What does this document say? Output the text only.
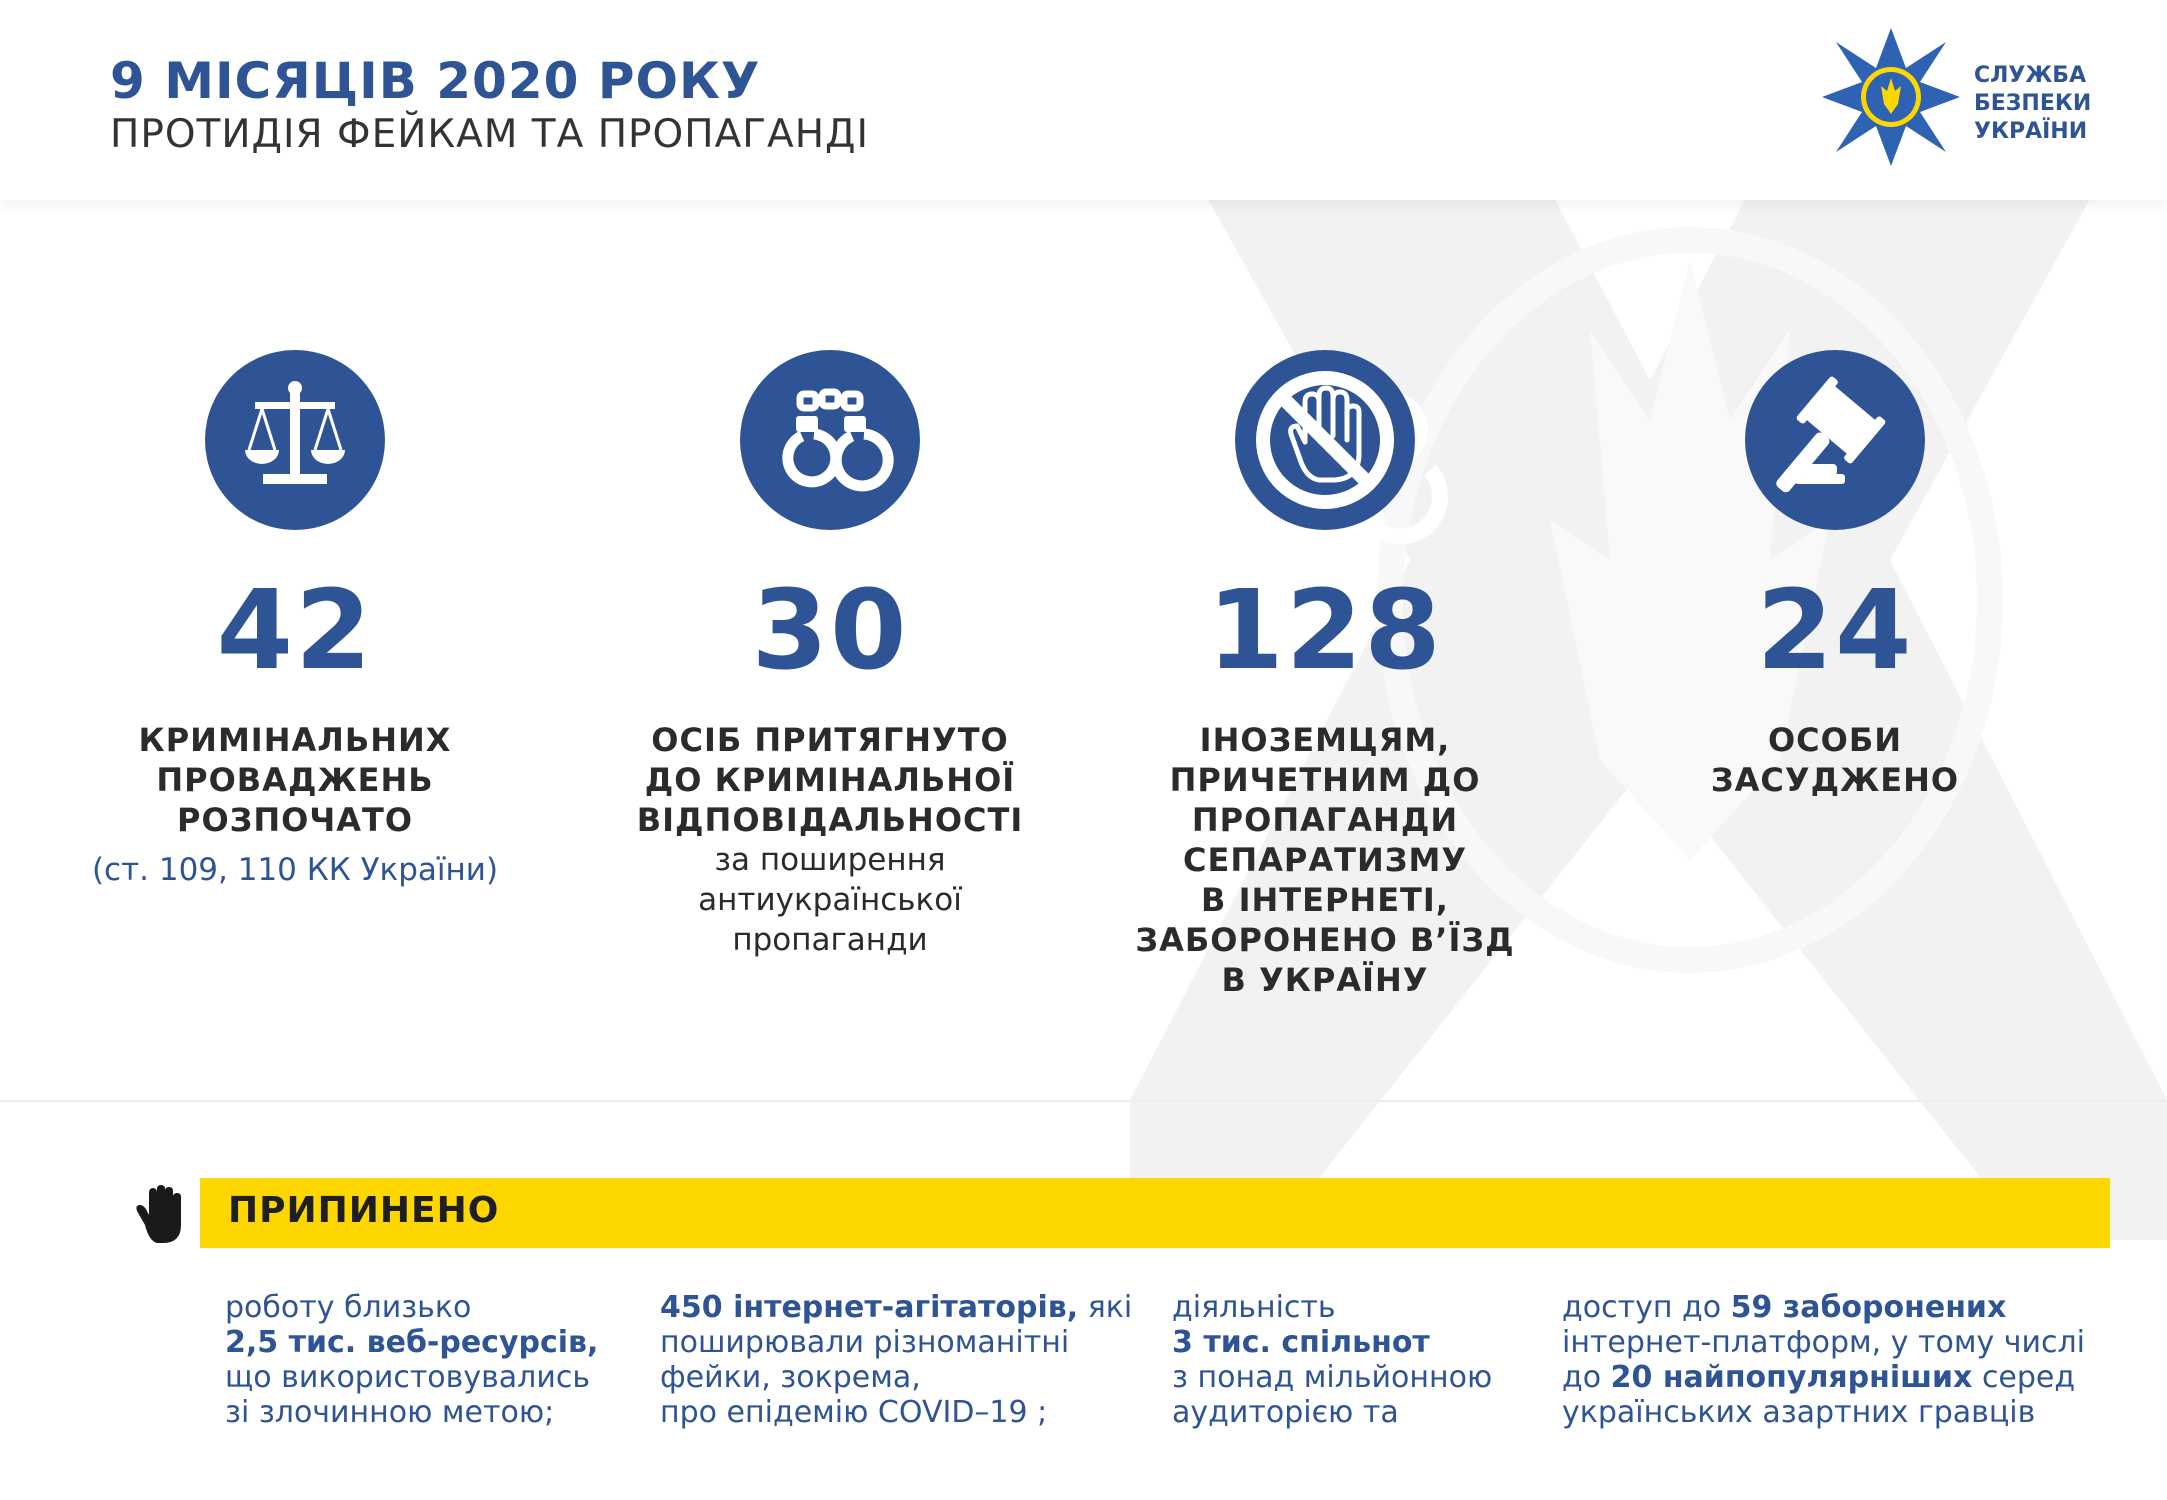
9 МІСЯЦІВ 2020 РОКУ
ПРОТИДІЯ ФЕЙКАМ ТА ПРОПАГАНДІ
СЛУЖБА
БЕЗПЕКИ
УКРАЇНИ
42
КРИМІНАЛЬНИХ
ПРОВАДЖЕНЬ
РОЗПОЧАТО
(ст. 109, 110 КК України)
30
ОСІБ ПРИТЯГНУТО
ДО КРИМІНАЛЬНОЇ
ВІДПОВІДАЛЬНОСТІ
за поширення
антиукраїнської
пропаганди
128
ІНОЗЕМЦЯМ,
ПРИЧЕТНИМ ДО
ПРОПАГАНДИ
СЕПАРАТИЗМУ
В ІНТЕРНЕТІ,
ЗАБОРОНЕНО В’ЇЗД
В УКРАЇНУ
24
ОСОБИ
ЗАСУДЖЕНО
ПРИПИНЕНО
роботу близько
2,5 тис. веб-ресурсів,
що використовувались
зі злочинною метою;
450 інтернет-агітаторів, які
поширювали різноманітні
фейки, зокрема,
про епідемію COVID–19 ;
діяльність
3 тис. спільнот
з понад мільйонною
аудиторією та
доступ до 59 заборонених
інтернет-платформ, у тому числі
до 20 найпопулярніших серед
українських азартних гравців
